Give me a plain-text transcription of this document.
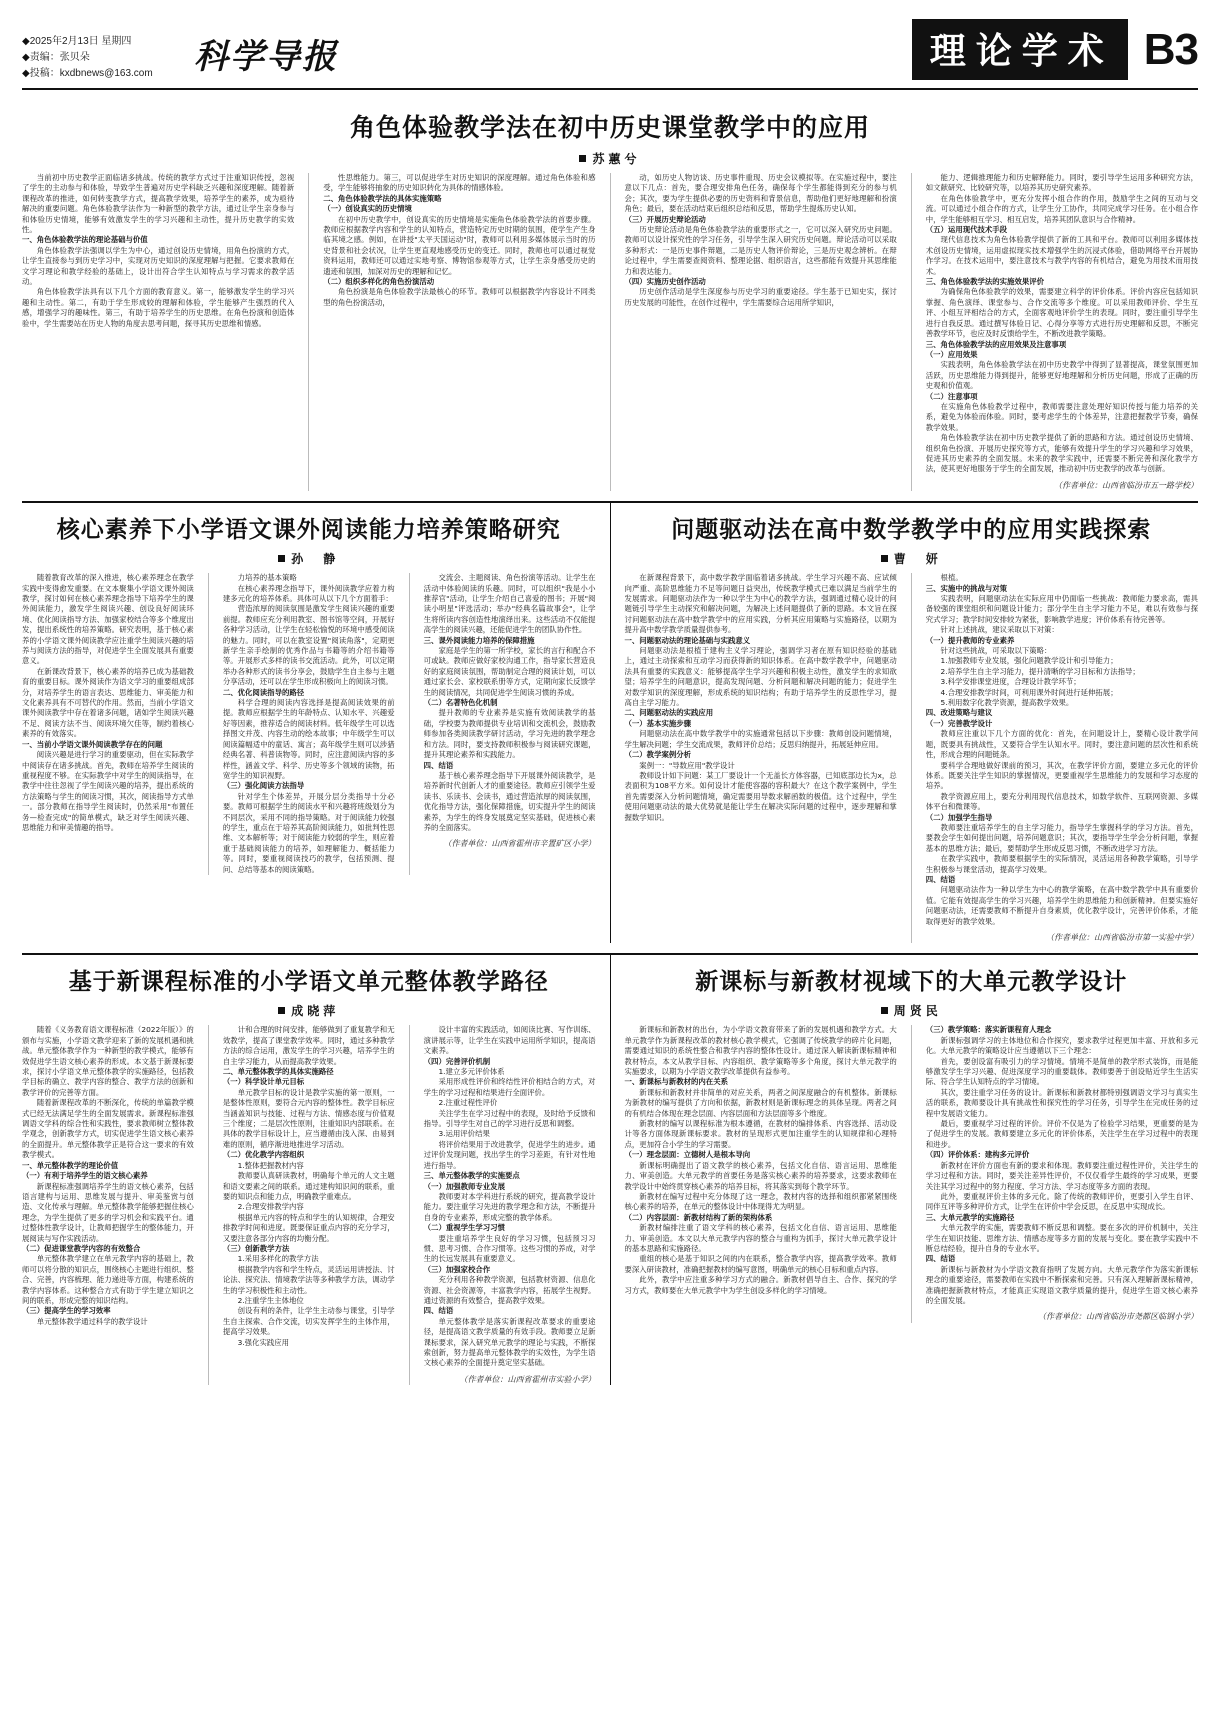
◆2025年2月13日 星期四
◆责编：张贝朵
◆投稿：kxdbnews@163.com	科学导报	理论学术 B3
角色体验教学法在初中历史课堂教学中的应用
苏蕙兮

当前初中历史教学正面临诸多挑战。传统的教学方式过于注重知识传授，忽视了学生的主动参与和体验，导致学生普遍对历史学科缺乏兴趣和深度理解。随着新课程改革的推进，如何转变教学方式，提高教学效果，培养学生的素养，成为亟待解决的重要问题。角色体验教学法作为一种新型的教学方法，通过让学生亲身参与和体验历史情境，能够有效激发学生的学习兴趣和主动性，提升历史教学的实效性。

一、角色体验教学法的理论基础与价值

角色体验教学法强调以学生为中心，通过创设历史情境，用角色扮演的方式，让学生直接参与到历史学习中，实现对历史知识的深度理解与把握。它要求教师在文学习理论和教学经验的基础上，设计出符合学生认知特点与学习需求的教学活动。

角色体验教学法具有以下几个方面的教育意义。第一，能够激发学生的学习兴趣和主动性。第二，有助于学生形成较的理解和体验，学生能够产生强烈的代入感，增强学习的趣味性。第三，有助于培养学生的历史思维。在角色扮演和创造体验中，学生需要站在历史人物的角度去思考问题，探寻其历史思维和情感。

性思维能力。第三，可以促进学生对历史知识的深度理解。通过角色体验和感受，学生能够将抽象的历史知识转化为具体的情感体验。

二、角色体验教学法的具体实施策略

（一）创设真实的历史情境

在初中历史教学中，创设真实的历史情境是实施角色体验教学法的首要步骤。教师应根据教学内容和学生的认知特点，营造特定历史时期的氛围，使学生产生身临其境之感。例如，在讲授"太平天国运动"时，教师可以利用多媒体展示当时的历史背景和社会状况，让学生更直观地感受历史的变迁。同时，教师也可以通过视觉资料运用，教师还可以通过实地考察、博物馆参观等方式，让学生亲身感受历史的遗迹和氛围，加深对历史的理解和记忆。

（二）组织多样化的角色扮演活动

角色扮演是角色体验教学法最核心的环节。教师可以根据教学内容设计不同类型的角色扮演活动，

动，如历史人物访谈、历史事件重现、历史会议模拟等。在实施过程中，要注意以下几点：首先，要合理安排角色任务，确保每个学生都能得到充分的参与机会；其次，要为学生提供必要的历史资料和背景信息，帮助他们更好地理解和扮演角色；最后，要在活动结束后组织总结和反思，帮助学生提炼历史认知。

（三）开展历史辩论活动

历史辩论活动是角色体验教学法的重要形式之一，它可以深入研究历史问题。教师可以设计探究性的学习任务，引导学生深入研究历史问题。辩论活动可以采取多种形式：一是历史事件辩题，二是历史人物评价辩论，三是历史观念辨析。在辩论过程中，学生需要查阅资料、整理论据、组织语言，这些都能有效提升其思维能力和表达能力。

（四）实施历史创作活动

历史创作活动是学生深度参与历史学习的重要途径。学生基于已知史实，探讨历史发展的可能性，在创作过程中，学生需要综合运用所学知识，

能力、逻辑推理能力和历史解释能力。同时，要引导学生运用多种研究方法，如文献研究、比较研究等，以培养其历史研究素养。

在角色体验教学中，更充分发挥小组合作的作用，鼓励学生之间的互动与交流。可以通过小组合作的方式，让学生分工协作，共同完成学习任务。在小组合作中，学生能够相互学习、相互启发，培养其团队意识与合作精神。

（五）运用现代技术手段

现代信息技术为角色体验教学提供了新的工具和平台。教师可以利用多媒体技术创设历史情境，运用虚拟现实技术增强学生的沉浸式体验，借助网络平台开展协作学习。在技术运用中，要注意技术与教学内容的有机结合，避免为用技术而用技术。

三、角色体验教学法的实施效果评价

为确保角色体验教学的效果，需要建立科学的评价体系。评价内容应包括知识掌握、角色演绎、课堂参与、合作交流等多个维度。可以采用教师评价、学生互评、小组互评相结合的方式，全面客观地评价学生的表现。同时，要注重引导学生进行自我反思。通过撰写体验日记、心得分享等方式进行历史理解和反思，不断完善教学环节，也应及时反馈给学生，不断改进教学策略。

三、角色体验教学法的应用效果及注意事项

（一）应用效果

实践表明，角色体验教学法在初中历史教学中得到了显著提高，课堂氛围更加活跃，历史思维能力得到提升，能够更好地理解和分析历史问题，形成了正确的历史观和价值观。

（二）注意事项

在实施角色体验教学过程中，教师需要注意处理好知识传授与能力培养的关系，避免为体验而体验。同时，要考虑学生的个体差异，注意把握教学节奏，确保教学效果。

角色体验教学法在初中历史教学提供了新的思路和方法。通过创设历史情境、组织角色扮演、开展历史探究等方式，能够有效提升学生的学习兴趣和学习效果，促进其历史素养的全面发展。未来的教学实践中，还需要不断完善和深化教学方法，使其更好地服务于学生的全面发展，推动初中历史教学的改革与创新。

（作者单位：山西省临汾市五一路学校）
核心素养下小学语文课外阅读能力培养策略研究
孙　静

随着教育改革的深入推进，核心素养理念在教学实践中变得愈发重要。在文本聚集小学语文课外阅读教学，探讨如何在核心素养理念指导下培养学生的课外阅读能力，激发学生阅读兴趣、创设良好阅读环境、优化阅读指导方法、加强家校结合等多个维度出发，提出系统性的培养策略。研究表明，基于核心素养的小学语文课外阅读教学应注重学生阅读兴趣的培养与阅读方法的指导，对促进学生全面发展具有重要意义。

在新课改背景下，核心素养的培养已成为基础教育的重要目标。课外阅读作为语文学习的重要组成部分，对培养学生的语言表达、思维能力、审美能力和文化素养具有不可替代的作用。然而，当前小学语文课外阅读教学中存在着诸多问题，诸如学生阅读兴趣不足、阅读方法不当、阅读环境欠佳等，制约着核心素养的有效落实。

一、当前小学语文课外阅读教学存在的问题

阅读兴趣是进行学习的重要驱动，但在实际教学中阅读存在诸多挑战。首先，教师在培养学生阅读的重视程度不够。在实际教学中对学生的阅读指导，在教学中往往忽视了学生阅读兴趣的培养，提出系统的方法策略与学生的阅读习惯，其次，阅读指导方式单一。部分教师在指导学生阅读时，仍然采用"布置任务—检查完成"的简单模式，缺乏对学生阅读兴趣、思维能力和审美情趣的指导。

力培养的基本策略

在核心素养理念指导下，课外阅读教学应着力构建多元化的培养体系。具体可从以下几个方面着手：

营造浓厚的阅读氛围是激发学生阅读兴趣的重要前提。教师应充分利用教室、图书馆等空间，开展好各种学习活动，让学生在轻松愉悦的环境中感受阅读的魅力。同时，可以在教室设置"阅读角落"，定期更新学生亲手绘制的优秀作品与书籍等的介绍书籍等等。开展形式多样的读书交流活动。此外，可以定期举办各种形式的读书分享会，鼓励学生自主参与主题分享活动，还可以在学生形成积极向上的阅读习惯。

二、优化阅读指导的路径

科学合理的阅读内容选择是提高阅读效果的前提。教师应根据学生的年龄特点、认知水平、兴趣爱好等因素，推荐适合的阅读材料。低年级学生可以选择图文并茂、内容生动的绘本故事；中年级学生可以阅读篇幅适中的童话、寓言；高年级学生则可以涉猎经典名著、科普读物等。同时，应注意阅读内容的多样性，涵盖文学、科学、历史等多个领域的读物，拓宽学生的知识视野。

（三）强化阅读方法指导

针对学生个体差异，开展分层分类指导十分必要。教师可根据学生的阅读水平和兴趣将班级划分为不同层次，采用不同的指导策略。对于阅读能力较强的学生，重点在于培养其高阶阅读能力，如批判性思维、文本解析等；对于阅读能力较弱的学生，则应着重于基础阅读能力的培养，如理解能力、概括能力等。同时，要重视阅读技巧的教学，包括预测、提问、总结等基本的阅读策略。

交流会、主题阅读、角色扮演等活动。让学生在活动中体验阅读的乐趣。同时，可以组织"我是小小推荐官"活动，让学生介绍自己喜爱的图书；开展"阅读小明星"评选活动；举办"经典名篇故事会"，让学生将所读内容创造性地演绎出来。这些活动不仅能提高学生的阅读兴趣，还能促进学生的团队协作性。

三、课外阅读能力培养的保障措施

家庭是学生的第一所学校，家长的言行和配合不可或缺。教师应做好家校沟通工作，指导家长营造良好的家庭阅读氛围，帮助制定合理的阅读计划，可以通过家长会、家校联系册等方式，定期向家长反馈学生的阅读情况，共同促进学生阅读习惯的养成。

（二）名著特色化机制

提升教师的专业素养是实施有效阅读教学的基础，学校要为教师提供专业培训和交流机会，鼓励教师参加各类阅读教学研讨活动，学习先进的教学理念和方法。同时，要支持教师积极参与阅读研究课题，提升其理论素养和实践能力。

四、结语

基于核心素养理念指导下开展课外阅读教学，是培养新时代创新人才的重要途径。教师应引领学生爱读书、乐读书、会读书，通过营造浓厚的阅读氛围，优化指导方法，强化保障措施，切实提升学生的阅读素养，为学生的终身发展奠定坚实基础，促进核心素养的全面落实。

（作者单位：山西省霍州市辛置矿区小学）
问题驱动法在高中数学教学中的应用实践探索
曹　妍

在新课程背景下，高中数学教学面临着诸多挑战。学生学习兴趣不高、应试倾向严重、高阶思维能力不足等问题日益突出，传统教学模式已难以满足当前学生的发展需求。问题驱动法作为一种以学生为中心的教学方法，强调通过精心设计的问题链引导学生主动探究和解决问题，为解决上述问题提供了新的思路。本文旨在探讨问题驱动法在高中数学教学中的应用实践，分析其应用策略与实施路径，以期为提升高中数学教学质量提供参考。

一、问题驱动法的理论基础与实践意义

问题驱动法是根植于建构主义学习理论，强调学习者在原有知识经验的基础上，通过主动探索和互动学习而获得新的知识体系。在高中数学教学中，问题驱动法具有重要的实践意义：能够提高学生学习兴趣和积极主动性，激发学生的求知欲望；培养学生的问题意识，提高发现问题、分析问题和解决问题的能力；促进学生对数学知识的深度理解，形成系统的知识结构；有助于培养学生的反思性学习，提高自主学习能力。

二、问题驱动法的实践应用

（一）基本实施步骤

问题驱动法在高中数学教学中的实施通常包括以下步骤：教师创设问题情境，学生解决问题；学生交流成果，教师评价总结；反思归纳提升，拓展延伸应用。

（二）教学案例分析

案例一："导数应用"教学设计

教师设计如下问题：某工厂要设计一个无盖长方体容器，已知底部边长为x，总表面积为108平方米。如何设计才能使容器的容积最大？在这个教学案例中，学生首先需要深入分析问题情境，确定需要用导数求解函数的极值。这个过程中，学生使用问题驱动法的最大优势就是能让学生在解决实际问题的过程中，逐步理解和掌握数学知识。

根植。

三、实施中的挑战与对策

实践表明，问题驱动法在实际应用中仍面临一些挑战：教师能力要求高，需具备较强的课堂组织和问题设计能力；部分学生自主学习能力不足，难以有效参与探究式学习；教学时间安排较为紧张，影响教学进度；评价体系有待完善等。

针对上述挑战，建议采取以下对策：

（一）提升教师的专业素养

针对这些挑战，可采取以下策略：

1.加强教师专业发展，强化问题教学设计和引导能力；

2.培养学生自主学习能力，提升清晰的学习目标和方法指导；

3.科学安排课堂进度，合理设计教学环节；

4.合理安排教学时间，可利用课外时间进行延伸拓展；

5.利用数字化教学资源，提高教学效果。

四、改进策略与建议

（一）完善教学设计

教师应注重以下几个方面的优化：首先，在问题设计上，要精心设计教学问题，既要具有挑战性，又要符合学生认知水平。同时，要注意问题的层次性和系统性，形成合理的问题链条。

要科学合理地做好课前的预习，其次，在教学评价方面，要建立多元化的评价体系。既要关注学生知识的掌握情况，更要重视学生思维能力的发展和学习态度的培养。

教学资源应用上，要充分利用现代信息技术，如数学软件、互联网资源、多媒体平台和微课等。

（二）加强学生指导

教师要注重培养学生的自主学习能力，指导学生掌握科学的学习方法。首先，要教会学生如何提出问题，培养问题意识；其次，要指导学生学会分析问题，掌握基本的思维方法；最后，要帮助学生形成反思习惯，不断改进学习方法。

在教学实践中，教师要根据学生的实际情况，灵活运用各种教学策略，引导学生积极参与课堂活动，提高学习效果。

四、结语

问题驱动法作为一种以学生为中心的教学策略，在高中数学教学中具有重要价值。它能有效提高学生的学习兴趣，培养学生的思维能力和创新精神。但要实施好问题驱动法，还需要教师不断提升自身素质，优化教学设计，完善评价体系，才能取得更好的教学效果。

（作者单位：山西省临汾市第一实验中学）
基于新课程标准的小学语文单元整体教学路径
成晓萍

随着《义务教育语文课程标准（2022年版）》的颁布与实施，小学语文教学迎来了新的发展机遇和挑战。单元整体教学作为一种新型的教学模式，能够有效促进学生语文核心素养的形成。本文基于新课标要求，探讨小学语文单元整体教学的实施路径，包括教学目标的确立、教学内容的整合、教学方法的创新和教学评价的完善等方面。

随着新课程改革的不断深化，传统的单篇教学模式已经无法满足学生的全面发展需求。新课程标准强调语文学科的综合性和实践性，要求教师树立整体教学观念，创新教学方式，切实促进学生语文核心素养的全面提升。单元整体教学正是符合这一要求的有效教学模式。

一、单元整体教学的理论价值

（一）有利于培养学生的语文核心素养

新课程标准强调培养学生的语文核心素养，包括语言建构与运用、思维发展与提升、审美鉴赏与创造、文化传承与理解。单元整体教学能够把握住核心理念，为学生提供了更多的学习机会和实践平台。通过整体性教学设计，让教师把握学生的整体能力，开展阅读与写作实践活动。

（二）促进课堂教学内容的有效整合

单元整体教学建立在单元教学内容的基础上，教师可以将分散的知识点，围绕核心主题进行组织、整合、完善，内容梳理、能力递进等方面，构建系统的教学内容体系。这种整合方式有助于学生建立知识之间的联系，形成完整的知识结构。

（三）提高学生的学习效率

单元整体教学通过科学的教学设计

计和合理的时间安排，能够做到了重复教学和无效教学，提高了课堂教学效率。同时，通过多种教学方法的综合运用，激发学生的学习兴趣，培养学生的自主学习能力，从而提高教学效果。

二、单元整体教学的具体实施路径

（一）科学设计单元目标

单元教学目标的设计是教学实施的第一原则，一是整体性原则，要符合元内容的整体性。教学目标应当涵盖知识与技能、过程与方法、情感态度与价值观三个维度；二是层次性原则，注重知识内部联系。在具体的教学目标设计上，应当遵循由浅入深、由易到难的原则，循序渐进地推进学习活动。

（二）优化教学内容组织

1.整体把握教材内容

教师要认真研读教材，明确每个单元的人文主题和语文要素之间的联系。通过建构知识间的联系，重要的知识点和能力点，明确教学重难点。

2.合理安排教学内容

根据单元内容的特点和学生的认知规律，合理安排教学时间和进度。既要保证重点内容的充分学习，又要注意各部分内容的均衡分配。

（三）创新教学方法

1.采用多样化的教学方法

根据教学内容和学生特点，灵活运用讲授法、讨论法、探究法、情境教学法等多种教学方法，调动学生的学习积极性和主动性。

2.注重学生主体地位

创设有利的条件，让学生主动参与课堂，引导学生自主探索、合作交流，切实发挥学生的主体作用，提高学习效果。

3.强化实践应用

设计丰富的实践活动，如阅读比赛、写作训练、演讲展示等，让学生在实践中运用所学知识，提高语文素养。

（四）完善评价机制

1.建立多元评价体系

采用形成性评价和终结性评价相结合的方式，对学生的学习过程和结果进行全面评价。

2.注重过程性评价

关注学生在学习过程中的表现，及时给予反馈和指导。引导学生对自己的学习进行反思和调整。

3.运用评价结果

将评价结果用于改进教学，促进学生的进步。通过评价发现问题，找出学生的学习差距，有针对性地进行指导。

三、单元整体教学的实施要点

（一）加强教师专业发展

教师要对本学科进行系统的研究，提高教学设计能力。要注重学习先进的教学理念和方法，不断提升自身的专业素养，形成完整的教学体系。

（二）重视学生学习习惯

要注重培养学生良好的学习习惯，包括预习习惯、思考习惯、合作习惯等。这些习惯的养成，对学生的长远发展具有重要意义。

（三）加强家校合作

充分利用各种教学资源，包括教材资源、信息化资源、社会资源等，丰富教学内容，拓展学生视野。通过资源的有效整合，提高教学效果。

四、结语

单元整体教学是落实新课程改革要求的重要途径，是提高语文教学质量的有效手段。教师要立足新课标要求，深入研究单元教学的理论与实践，不断探索创新，努力提高单元整体教学的实效性，为学生语文核心素养的全面提升奠定坚实基础。

（作者单位：山西省霍州市实验小学）
新课标与新教材视域下的大单元教学设计
周贤民

新课标和新教材的出台，为小学语文教育带来了新的发展机遇和教学方式。大单元教学作为新课程改革的教材核心教学模式，它强调了传统教学的碎片化问题，需要通过知识的系统性整合和教学内容的整体性设计。通过深入解读新课标精神和教材特点，本文从教学目标、内容组织、教学策略等多个角度，探讨大单元教学的实施要求，以期为小学语文教学改革提供有益参考。

一、新课标与新教材的内在关系

新课标和新教材并非简单的对应关系，两者之间深度融合的有机整体。新课标为新教材的编写提供了方向和依据，新教材则是新课标理念的具体呈现。两者之间的有机结合体现在理念层面、内容层面和方法层面等多个维度。

新教材的编写以课程标准为根本遵循，在教材的编排体系、内容选择、活动设计等各方面体现新课标要求。教材的呈现形式更加注重学生的认知规律和心理特点，更加符合小学生的学习需要。

（一）理念层面：立德树人是根本导向

新课标明确提出了语文教学的核心素养，包括文化自信、语言运用、思维能力、审美创造。大单元教学的首要任务是落实核心素养的培养要求，这要求教师在教学设计中始终贯穿核心素养的培养目标，将其落实到每个教学环节。

新教材在编写过程中充分体现了这一理念，教材内容的选择和组织都紧紧围绕核心素养的培养，在单元的整体设计中体现得尤为明显。

（二）内容层面：新教材结构了新的架构体系

新教材编排注重了语文学科的核心素养，包括文化自信、语言运用、思维能力、审美创造。本文以大单元教学内容的整合与重构为抓手，探讨大单元教学设计的基本思路和实施路径。

重组的核心是基于知识之间的内在联系，整合教学内容，提高教学效率。教师要深入研读教材，准确把握教材的编写意图，明确单元的核心目标和重点内容。

此外，教学中应注重多种学习方式的融合。新教材倡导自主、合作、探究的学习方式，教师要在大单元教学中为学生创设多样化的学习情境。

（三）教学策略：落实新课程育人理念

新课标强调学习的主体地位和合作探究，要求教学过程更加丰富、开放和多元化。大单元教学的策略设计应当遵循以下三个理念：

首先，要创设富有吸引力的学习情境。情境不是简单的教学形式装饰，而是能够激发学生学习兴趣、促进深度学习的重要载体。教师要善于创设贴近学生生活实际、符合学生认知特点的学习情境。

其次，要注重学习任务的设计。新课标和新教材都特别强调语文学习与真实生活的联系，教师要设计具有挑战性和探究性的学习任务，引导学生在完成任务的过程中发展语文能力。

最后，要重视学习过程的评价。评价不仅是为了检验学习结果，更重要的是为了促进学生的发展。教师要建立多元化的评价体系，关注学生在学习过程中的表现和进步。

（四）评价体系：建构多元评价

新教材在评价方面也有新的要求和体现。教师要注重过程性评价，关注学生的学习过程和方法。同时，要关注差异性评价，不仅仅看学生最终的学习成果，更要关注其学习过程中的努力程度、学习方法、学习态度等多方面的表现。

此外，要重视评价主体的多元化。除了传统的教师评价，更要引入学生自评、同伴互评等多种评价方式，让学生在评价中学会反思，在反思中实现成长。

三、大单元教学的实施路径

大单元教学的实施，需要教师不断反思和调整。要在多次的评价机制中，关注学生在知识技能、思维方法、情感态度等多方面的发展与变化。要在教学实践中不断总结经验，提升自身的专业水平。

四、结语

新课标与新教材为小学语文教育指明了发展方向。大单元教学作为落实新课标理念的重要途径，需要教师在实践中不断探索和完善。只有深入理解新课标精神，准确把握新教材特点，才能真正实现语文教学质量的提升，促进学生语文核心素养的全面发展。

（作者单位：山西省临汾市尧都区临钢小学）
